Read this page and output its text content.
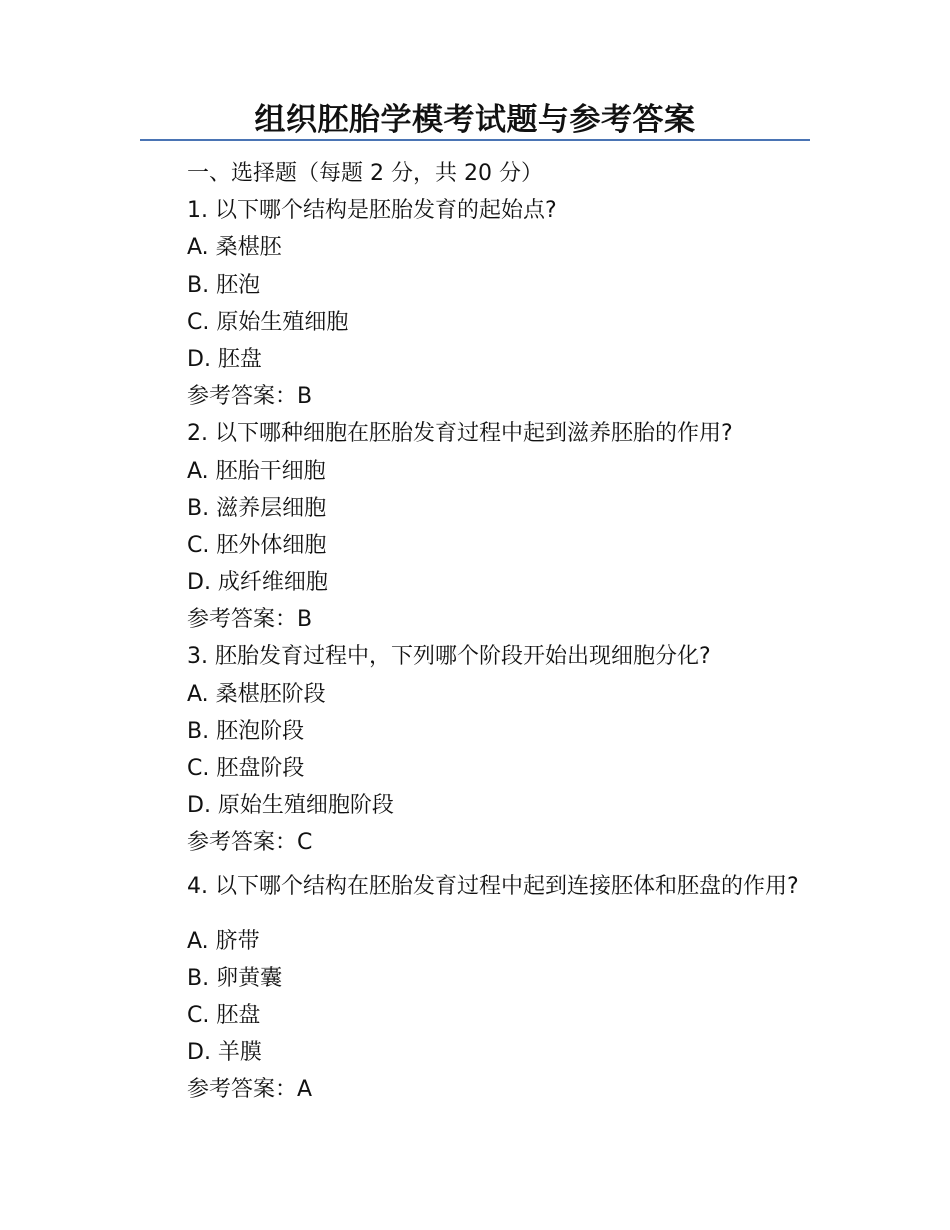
组织胚胎学模考试题与参考答案
一、选择题（每题 2 分，共 20 分）
1. 以下哪个结构是胚胎发育的起始点?
A. 桑椹胚
B. 胚泡
C. 原始生殖细胞
D. 胚盘
参考答案：B
2. 以下哪种细胞在胚胎发育过程中起到滋养胚胎的作用?
A. 胚胎干细胞
B. 滋养层细胞
C. 胚外体细胞
D. 成纤维细胞
参考答案：B
3. 胚胎发育过程中，下列哪个阶段开始出现细胞分化?
A. 桑椹胚阶段
B. 胚泡阶段
C. 胚盘阶段
D. 原始生殖细胞阶段
参考答案：C
4. 以下哪个结构在胚胎发育过程中起到连接胚体和胚盘的作用?
A. 脐带
B. 卵黄囊
C. 胚盘
D. 羊膜
参考答案：A
